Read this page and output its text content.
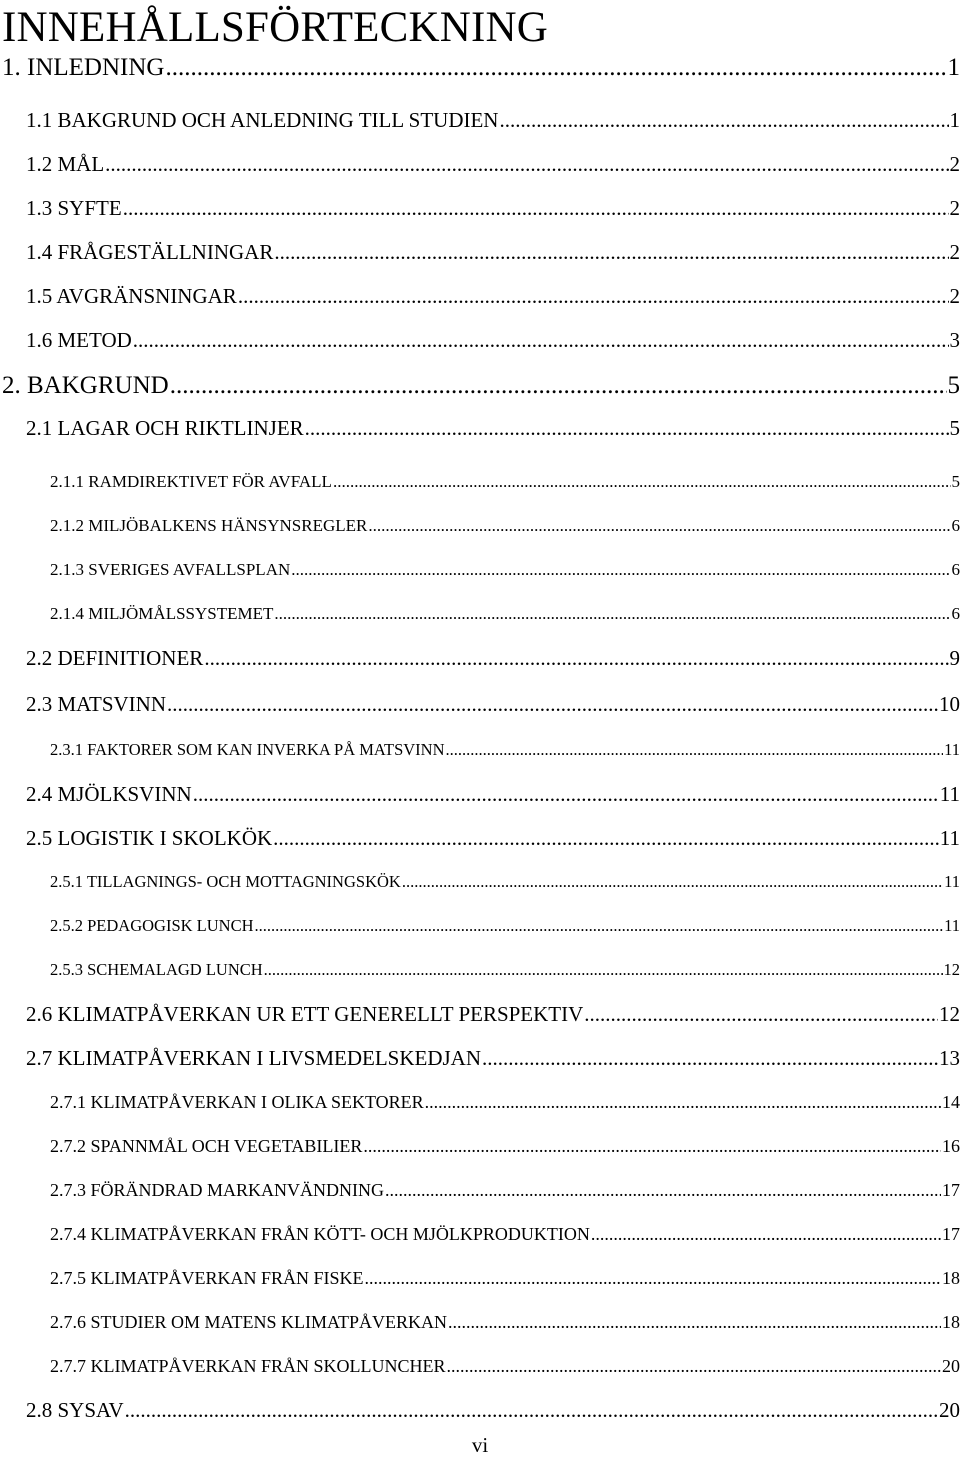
INNEHÅLLSFÖRTECKNING
1. INLEDNING .....	1
1.1 BAKGRUND OCH ANLEDNING TILL STUDIEN .....	1
1.2 MÅL .....	2
1.3 SYFTE .....	2
1.4 FRÅGESTÄLLNINGAR .....	2
1.5 AVGRÄNSNINGAR .....	2
1.6 METOD .....	3
2. BAKGRUND .....	5
2.1 LAGAR OCH RIKTLINJER .....	5
2.1.1 RAMDIREKTIVET FÖR AVFALL .....	5
2.1.2 MILJÖBALKENS HÄNSYNSREGLER .....	6
2.1.3 SVERIGES AVFALLSPLAN .....	6
2.1.4 MILJÖMÅLSSYSTEMET .....	6
2.2 DEFINITIONER .....	9
2.3 MATSVINN .....	10
2.3.1 FAKTORER SOM KAN INVERKA PÅ MATSVINN .....	11
2.4 MJÖLKSVINN .....	11
2.5 LOGISTIK I SKOLKÖK .....	11
2.5.1 TILLAGNINGS- OCH MOTTAGNINGSKÖK .....	11
2.5.2 PEDAGOGISK LUNCH .....	11
2.5.3 SCHEMALAGD LUNCH .....	12
2.6 KLIMATPÅVERKAN UR ETT GENERELLT PERSPEKTIV .....	12
2.7 KLIMATPÅVERKAN I LIVSMEDELSKEDJAN .....	13
2.7.1 KLIMATPÅVERKAN I OLIKA SEKTORER .....	14
2.7.2 SPANNMÅL OCH VEGETABILIER .....	16
2.7.3 FÖRÄNDRAD MARKANVÄNDNING .....	17
2.7.4 KLIMATPÅVERKAN FRÅN KÖTT- OCH MJÖLKPRODUKTION .....	17
2.7.5 KLIMATPÅVERKAN FRÅN FISKE .....	18
2.7.6 STUDIER OM MATENS KLIMATPÅVERKAN .....	18
2.7.7 KLIMATPÅVERKAN FRÅN SKOLLUNCHER .....	20
2.8 SYSAV .....	20
vi
